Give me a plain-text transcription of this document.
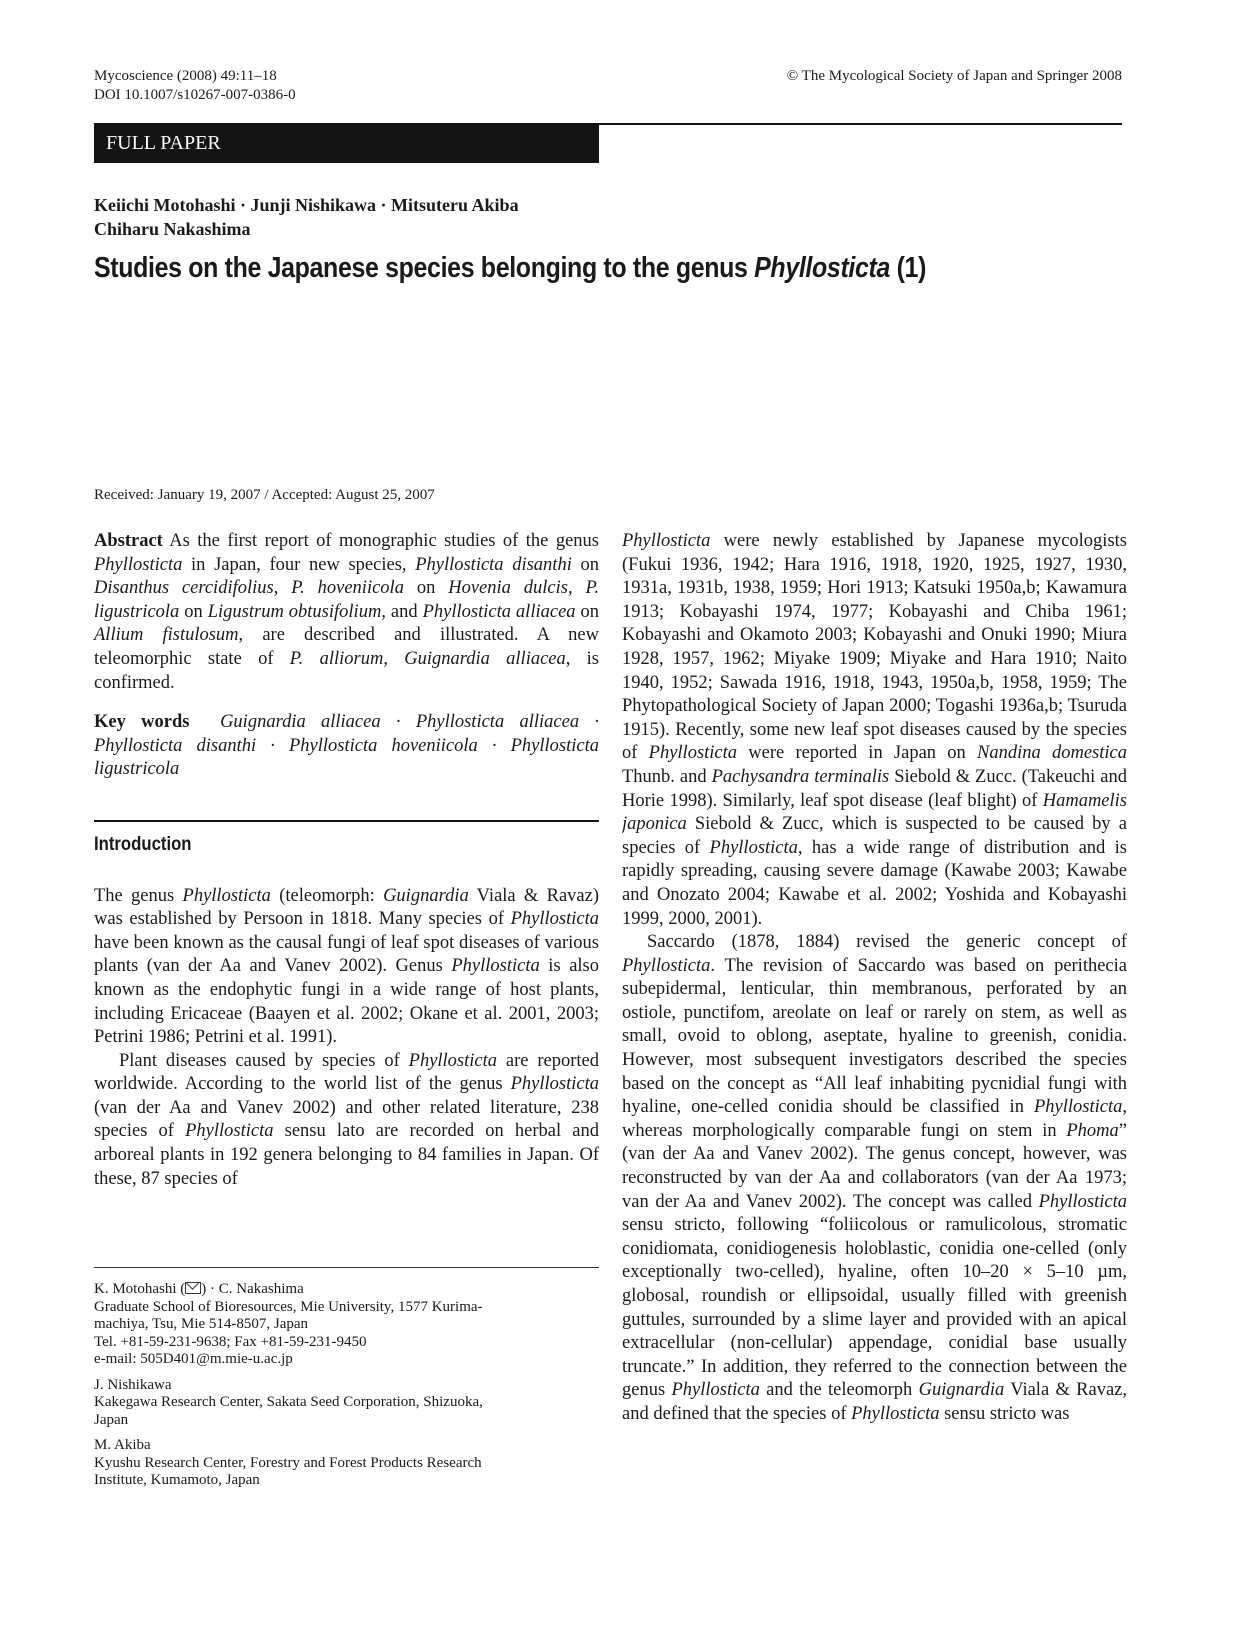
Mycoscience (2008) 49:11–18
DOI 10.1007/s10267-007-0386-0
© The Mycological Society of Japan and Springer 2008
FULL PAPER
Keiichi Motohashi · Junji Nishikawa · Mitsuteru Akiba
Chiharu Nakashima
Studies on the Japanese species belonging to the genus Phyllosticta (1)
Received: January 19, 2007 / Accepted: August 25, 2007

Abstract As the first report of monographic studies of the genus Phyllosticta in Japan, four new species, Phyllosticta disanthi on Disanthus cercidifolius, P. hoveniicola on Hovenia dulcis, P. ligustricola on Ligustrum obtusifolium, and Phyllosticta alliacea on Allium fistulosum, are described and illustrated. A new teleomorphic state of P. alliorum, Guignardia alliacea, is confirmed.

Key words Guignardia alliacea · Phyllosticta alliacea · Phyllosticta disanthi · Phyllosticta hoveniicola · Phyllosticta ligustricola

Introduction

The genus Phyllosticta (teleomorph: Guignardia Viala & Ravaz) was established by Persoon in 1818. Many species of Phyllosticta have been known as the causal fungi of leaf spot diseases of various plants (van der Aa and Vanev 2002). Genus Phyllosticta is also known as the endophytic fungi in a wide range of host plants, including Ericaceae (Baayen et al. 2002; Okane et al. 2001, 2003; Petrini 1986; Petrini et al. 1991).

Plant diseases caused by species of Phyllosticta are reported worldwide. According to the world list of the genus Phyllosticta (van der Aa and Vanev 2002) and other related literature, 238 species of Phyllosticta sensu lato are recorded on herbal and arboreal plants in 192 genera belonging to 84 families in Japan. Of these, 87 species of

K. Motohashi ( ) · C. Nakashima
Graduate School of Bioresources, Mie University, 1577 Kurima-
machiya, Tsu, Mie 514-8507, Japan
Tel. +81-59-231-9638; Fax +81-59-231-9450
e-mail: 505D401@m.mie-u.ac.jp
J. Nishikawa
Kakegawa Research Center, Sakata Seed Corporation, Shizuoka,
Japan
M. Akiba
Kyushu Research Center, Forestry and Forest Products Research
Institute, Kumamoto, Japan

Phyllosticta were newly established by Japanese mycologists (Fukui 1936, 1942; Hara 1916, 1918, 1920, 1925, 1927, 1930, 1931a, 1931b, 1938, 1959; Hori 1913; Katsuki 1950a,b; Kawamura 1913; Kobayashi 1974, 1977; Kobayashi and Chiba 1961; Kobayashi and Okamoto 2003; Kobayashi and Onuki 1990; Miura 1928, 1957, 1962; Miyake 1909; Miyake and Hara 1910; Naito 1940, 1952; Sawada 1916, 1918, 1943, 1950a,b, 1958, 1959; The Phytopathological Society of Japan 2000; Togashi 1936a,b; Tsuruda 1915). Recently, some new leaf spot diseases caused by the species of Phyllosticta were reported in Japan on Nandina domestica Thunb. and Pachysandra terminalis Siebold & Zucc. (Takeuchi and Horie 1998). Similarly, leaf spot disease (leaf blight) of Hamamelis japonica Siebold & Zucc, which is suspected to be caused by a species of Phyllosticta, has a wide range of distribution and is rapidly spreading, causing severe damage (Kawabe 2003; Kawabe and Onozato 2004; Kawabe et al. 2002; Yoshida and Kobayashi 1999, 2000, 2001).

Saccardo (1878, 1884) revised the generic concept of Phyllosticta. The revision of Saccardo was based on perithecia subepidermal, lenticular, thin membranous, perforated by an ostiole, punctifom, areolate on leaf or rarely on stem, as well as small, ovoid to oblong, aseptate, hyaline to greenish, conidia. However, most subsequent investigators described the species based on the concept as “All leaf inhabiting pycnidial fungi with hyaline, one-celled conidia should be classified in Phyllosticta, whereas morphologically comparable fungi on stem in Phoma” (van der Aa and Vanev 2002). The genus concept, however, was reconstructed by van der Aa and collaborators (van der Aa 1973; van der Aa and Vanev 2002). The concept was called Phyllosticta sensu stricto, following “foliicolous or ramulicolous, stromatic conidiomata, conidiogenesis holoblastic, conidia one-celled (only exceptionally two-celled), hyaline, often 10–20 × 5–10 µm, globosal, roundish or ellipsoidal, usually filled with greenish guttules, surrounded by a slime layer and provided with an apical extracellular (non-cellular) appendage, conidial base usually truncate.” In addition, they referred to the connection between the genus Phyllosticta and the teleomorph Guignardia Viala & Ravaz, and defined that the species of Phyllosticta sensu stricto was
